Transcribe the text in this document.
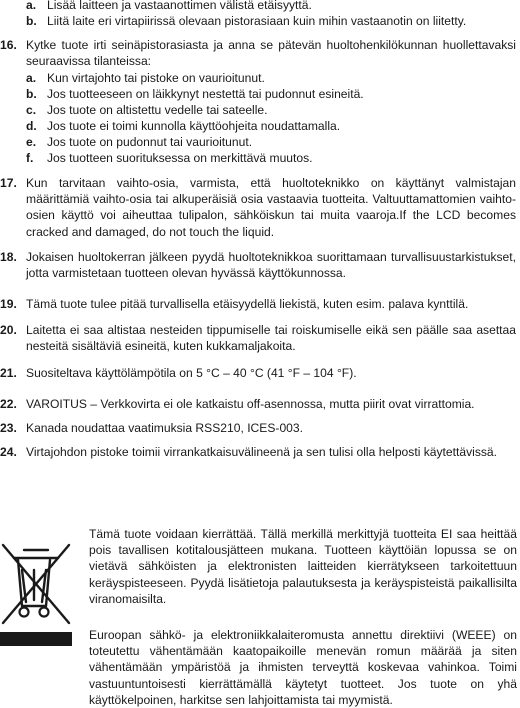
a. Lisää laitteen ja vastaanottimen välistä etäisyyttä.
b. Liitä laite eri virtapiirissä olevaan pistorasiaan kuin mihin vastaanotin on liitetty.
16. Kytke tuote irti seinäpistorasiasta ja anna se pätevän huoltohenkilökunnan huollettavaksi seuraavissa tilanteissa:
a. Kun virtajohto tai pistoke on vaurioitunut.
b. Jos tuotteeseen on läikkynyt nestettä tai pudonnut esineitä.
c. Jos tuote on altistettu vedelle tai sateelle.
d. Jos tuote ei toimi kunnolla käyttöohjeita noudattamalla.
e. Jos tuote on pudonnut tai vaurioitunut.
f. Jos tuotteen suorituksessa on merkittävä muutos.
17. Kun tarvitaan vaihto-osia, varmista, että huoltoteknikko on käyttänyt valmistajan määrittämiä vaihto-osia tai alkuperäisiä osia vastaavia tuotteita. Valtuuttamattomien vaihto-osien käyttö voi aiheuttaa tulipalon, sähköiskun tai muita vaaroja.If the LCD becomes cracked and damaged, do not touch the liquid.
18. Jokaisen huoltokerran jälkeen pyydä huoltoteknikkoa suorittamaan turvallisuustarkistukset, jotta varmistetaan tuotteen olevan hyvässä käyttökunnossa.
19. Tämä tuote tulee pitää turvallisella etäisyydellä liekistä, kuten esim. palava kynttilä.
20. Laitetta ei saa altistaa nesteiden tippumiselle tai roiskumiselle eikä sen päälle saa asettaa nesteitä sisältäviä esineitä, kuten kukkamaljakoita.
21. Suositeltava käyttölämpötila on 5 °C – 40 °C (41 °F – 104 °F).
22. VAROITUS – Verkkovirta ei ole katkaistu off-asennossa, mutta piirit ovat virrattomia.
23. Kanada noudattaa vaatimuksia RSS210, ICES-003.
24. Virtajohdon pistoke toimii virrankatkaisuvälineenä ja sen tulisi olla helposti käytettävissä.
Tämä tuote voidaan kierrättää. Tällä merkillä merkittyjä tuotteita EI saa heittää pois tavallisen kotitalousjätteen mukana. Tuotteen käyttöiän lopussa se on vietävä sähköisten ja elektronisten laitteiden kierrätykseen tarkoitettuun keräyspisteeseen. Pyydä lisätietoja palautuksesta ja keräyspisteistä paikallisilta viranomaisilta.
Euroopan sähkö- ja elektroniikkalaiteromusta annettu direktiivi (WEEE) on toteutettu vähentämään kaatopaikoille menevän romun määrää ja siten vähentämään ympäristöä ja ihmisten terveyttä koskevaa vahinkoa. Toimi vastuuntuntoisesti kierrättämällä käytetyt tuotteet. Jos tuote on yhä käyttökelpoinen, harkitse sen lahjoittamista tai myymistä.
